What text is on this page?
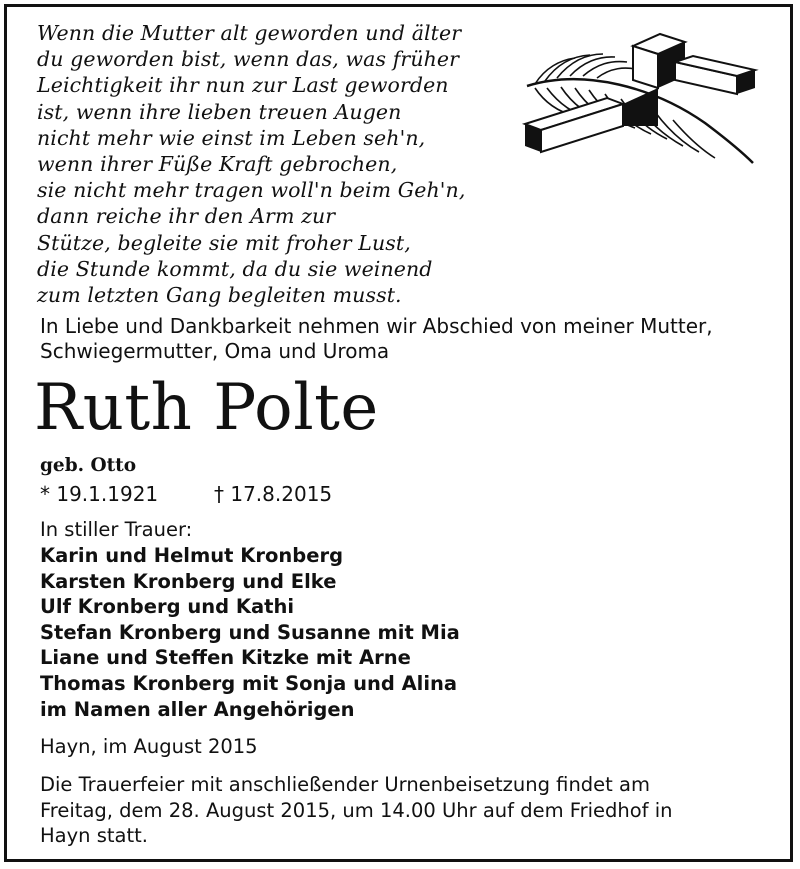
Wenn die Mutter alt geworden und älter
du geworden bist, wenn das, was früher
Leichtigkeit ihr nun zur Last geworden
ist, wenn ihre lieben treuen Augen
nicht mehr wie einst im Leben seh'n,
wenn ihrer Füße Kraft gebrochen,
sie nicht mehr tragen woll'n beim Geh'n,
dann reiche ihr den Arm zur
Stütze, begleite sie mit froher Lust,
die Stunde kommt, da du sie weinend
zum letzten Gang begleiten musst.
In Liebe und Dankbarkeit nehmen wir Abschied von meiner Mutter,
Schwiegermutter, Oma und Uroma
Ruth Polte
geb. Otto
* 19.1.1921	† 17.8.2015
In stiller Trauer:
Karin und Helmut Kronberg
Karsten Kronberg und Elke
Ulf Kronberg und Kathi
Stefan Kronberg und Susanne mit Mia
Liane und Steffen Kitzke mit Arne
Thomas Kronberg mit Sonja und Alina
im Namen aller Angehörigen
Hayn, im August 2015
Die Trauerfeier mit anschließender Urnenbeisetzung findet am
Freitag, dem 28. August 2015, um 14.00 Uhr auf dem Friedhof in
Hayn statt.
